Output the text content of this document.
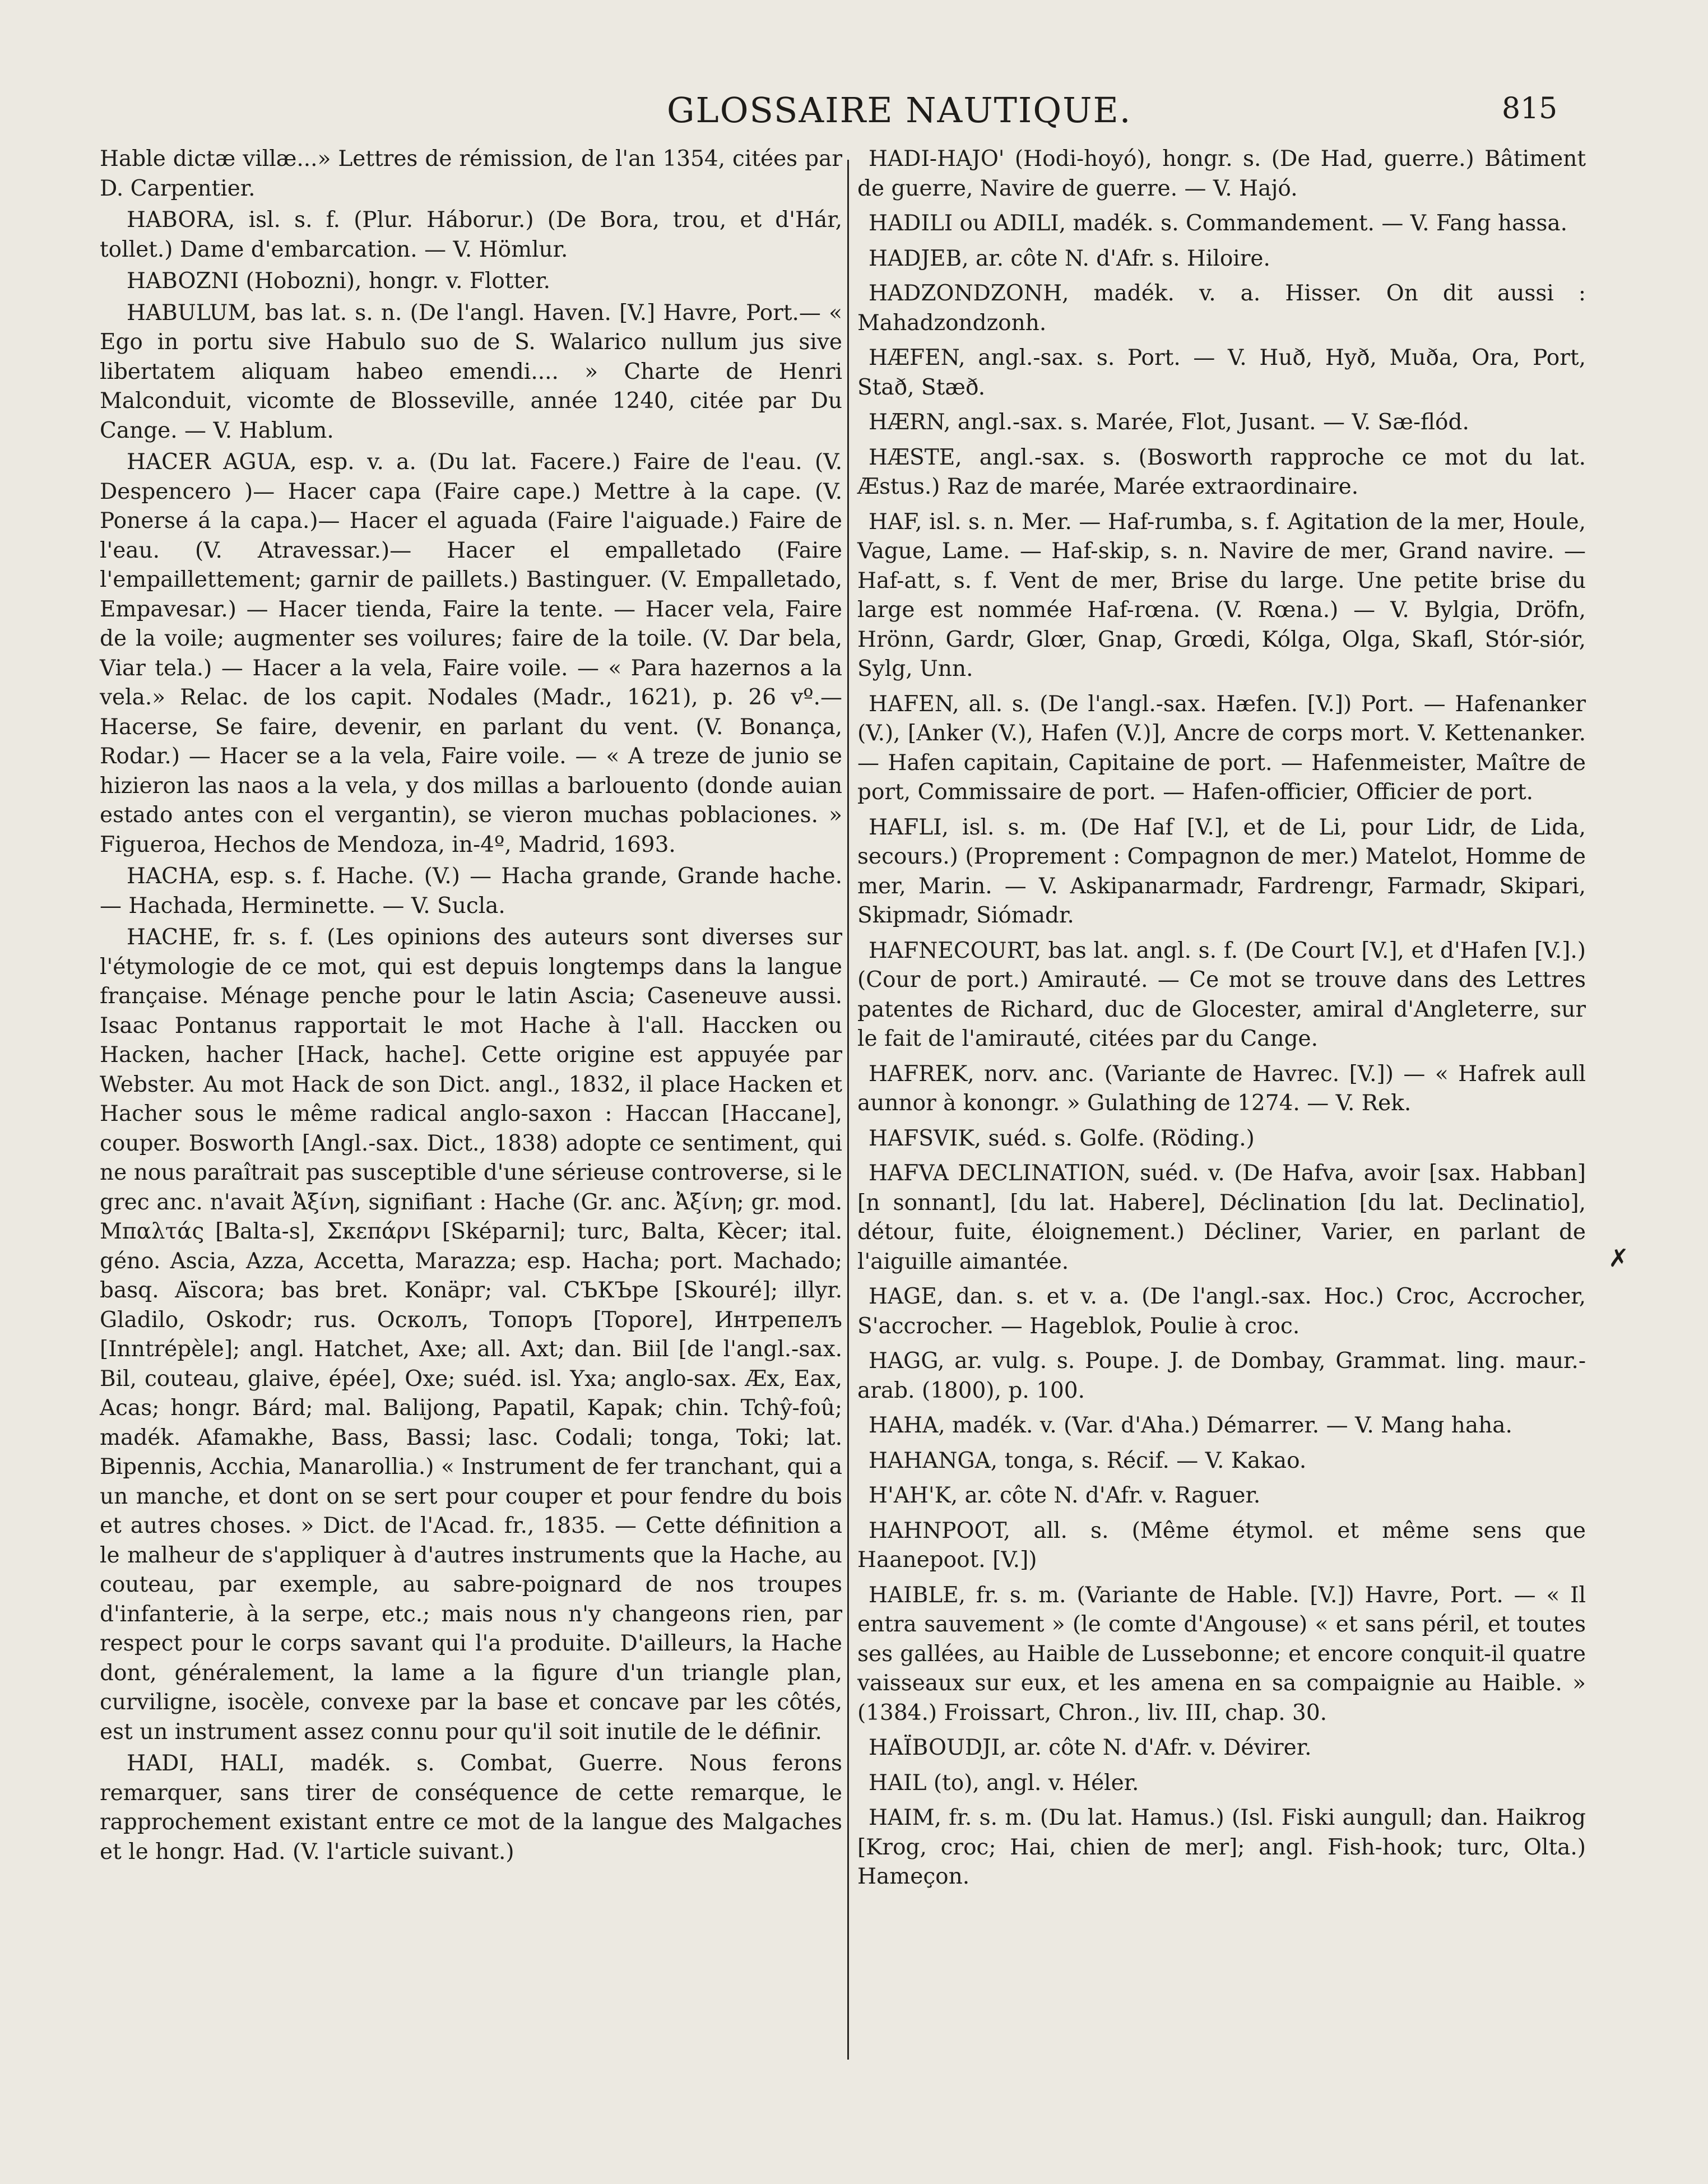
GLOSSAIRE NAUTIQUE.	815

Hable dictæ villæ...» Lettres de rémission, de l'an 1354, citées par D. Carpentier.

HABORA, isl. s. f. (Plur. Háborur.) (De Bora, trou, et d'Hár, tollet.) Dame d'embarcation. — V. Hömlur.

HABOZNI (Hobozni), hongr. v. Flotter.

HABULUM, bas lat. s. n. (De l'angl. Haven. [V.] Havre, Port.— « Ego in portu sive Habulo suo de S. Walarico nullum jus sive libertatem aliquam habeo emendi.... » Charte de Henri Malconduit, vicomte de Blosseville, année 1240, citée par Du Cange. — V. Hablum.

HACER AGUA, esp. v. a. (Du lat. Facere.) Faire de l'eau. (V. Despencero )— Hacer capa (Faire cape.) Mettre à la cape. (V. Ponerse á la capa.)— Hacer el aguada (Faire l'aiguade.) Faire de l'eau. (V. Atravessar.)— Hacer el empalletado (Faire l'empaillettement; garnir de paillets.) Bastinguer. (V. Empalletado, Empavesar.) — Hacer tienda, Faire la tente. — Hacer vela, Faire de la voile; augmenter ses voilures; faire de la toile. (V. Dar bela, Viar tela.) — Hacer a la vela, Faire voile. — « Para hazernos a la vela.» Relac. de los capit. Nodales (Madr., 1621), p. 26 vº.— Hacerse, Se faire, devenir, en parlant du vent. (V. Bonança, Rodar.) — Hacer se a la vela, Faire voile. — « A treze de junio se hizieron las naos a la vela, y dos millas a barlouento (donde auian estado antes con el vergantin), se vieron muchas poblaciones. » Figueroa, Hechos de Mendoza, in-4º, Madrid, 1693.

HACHA, esp. s. f. Hache. (V.) — Hacha grande, Grande hache. — Hachada, Herminette. — V. Sucla.

HACHE, fr. s. f. (Les opinions des auteurs sont diverses sur l'étymologie de ce mot, qui est depuis longtemps dans la langue française. Ménage penche pour le latin Ascia; Caseneuve aussi. Isaac Pontanus rapportait le mot Hache à l'all. Haccken ou Hacken, hacher [Hack, hache]. Cette origine est appuyée par Webster. Au mot Hack de son Dict. angl., 1832, il place Hacken et Hacher sous le même radical anglo-saxon : Haccan [Haccane], couper. Bosworth [Angl.-sax. Dict., 1838) adopte ce sentiment, qui ne nous paraîtrait pas susceptible d'une sérieuse controverse, si le grec anc. n'avait Ἀξίνη, signifiant : Hache (Gr. anc. Ἀξίνη; gr. mod. Μπαλτάς [Balta-s], Σκεπάρνι [Sképarni]; turc, Balta, Kècer; ital. géno. Ascia, Azza, Accetta, Marazza; esp. Hacha; port. Machado; basq. Aïscora; bas bret. Konäpr; val. СЪКЪре [Skouré]; illyr. Gladilo, Oskodr; rus. Осколъ, Топоръ [Topore], Интрепелъ [Inntrépèle]; angl. Hatchet, Axe; all. Axt; dan. Biil [de l'angl.-sax. Bil, couteau, glaive, épée], Oxe; suéd. isl. Yxa; anglo-sax. Æx, Eax, Acas; hongr. Bárd; mal. Balijong, Papatil, Kapak; chin. Tchŷ-foû; madék. Afamakhe, Bass, Bassi; lasc. Codali; tonga, Toki; lat. Bipennis, Acchia, Manarollia.) « Instrument de fer tranchant, qui a un manche, et dont on se sert pour couper et pour fendre du bois et autres choses. » Dict. de l'Acad. fr., 1835. — Cette définition a le malheur de s'appliquer à d'autres instruments que la Hache, au couteau, par exemple, au sabre-poignard de nos troupes d'infanterie, à la serpe, etc.; mais nous n'y changeons rien, par respect pour le corps savant qui l'a produite. D'ailleurs, la Hache dont, généralement, la lame a la figure d'un triangle plan, curviligne, isocèle, convexe par la base et concave par les côtés, est un instrument assez connu pour qu'il soit inutile de le définir.

HADI, HALI, madék. s. Combat, Guerre. Nous ferons remarquer, sans tirer de conséquence de cette remarque, le rapprochement existant entre ce mot de la langue des Malgaches et le hongr. Had. (V. l'article suivant.)

HADI-HAJO' (Hodi-hoyó), hongr. s. (De Had, guerre.) Bâtiment de guerre, Navire de guerre. — V. Hajó.

HADILI ou ADILI, madék. s. Commandement. — V. Fang hassa.

HADJEB, ar. côte N. d'Afr. s. Hiloire.

HADZONDZONH, madék. v. a. Hisser. On dit aussi : Mahadzondzonh.

HÆFEN, angl.-sax. s. Port. — V. Huð, Hyð, Muða, Ora, Port, Stað, Stæð.

HÆRN, angl.-sax. s. Marée, Flot, Jusant. — V. Sæ-flód.

HÆSTE, angl.-sax. s. (Bosworth rapproche ce mot du lat. Æstus.) Raz de marée, Marée extraordinaire.

HAF, isl. s. n. Mer. — Haf-rumba, s. f. Agitation de la mer, Houle, Vague, Lame. — Haf-skip, s. n. Navire de mer, Grand navire. — Haf-att, s. f. Vent de mer, Brise du large. Une petite brise du large est nommée Haf-rœna. (V. Rœna.) — V. Bylgia, Dröfn, Hrönn, Gardr, Glœr, Gnap, Grœdi, Kólga, Olga, Skafl, Stór-siór, Sylg, Unn.

HAFEN, all. s. (De l'angl.-sax. Hæfen. [V.]) Port. — Hafenanker (V.), [Anker (V.), Hafen (V.)], Ancre de corps mort. V. Kettenanker. — Hafen capitain, Capitaine de port. — Hafenmeister, Maître de port, Commissaire de port. — Hafen-officier, Officier de port.

HAFLI, isl. s. m. (De Haf [V.], et de Li, pour Lidr, de Lida, secours.) (Proprement : Compagnon de mer.) Matelot, Homme de mer, Marin. — V. Askipanarmadr, Fardrengr, Farmadr, Skipari, Skipmadr, Siómadr.

HAFNECOURT, bas lat. angl. s. f. (De Court [V.], et d'Hafen [V.].) (Cour de port.) Amirauté. — Ce mot se trouve dans des Lettres patentes de Richard, duc de Glocester, amiral d'Angleterre, sur le fait de l'amirauté, citées par du Cange.

HAFREK, norv. anc. (Variante de Havrec. [V.]) — « Hafrek aull aunnor à konongr. » Gulathing de 1274. — V. Rek.

HAFSVIK, suéd. s. Golfe. (Röding.)

HAFVA DECLINATION, suéd. v. (De Hafva, avoir [sax. Habban] [n sonnant], [du lat. Habere], Déclination [du lat. Declinatio], détour, fuite, éloignement.) Décliner, Varier, en parlant de l'aiguille aimantée.

HAGE, dan. s. et v. a. (De l'angl.-sax. Hoc.) Croc, Accrocher, S'accrocher. — Hageblok, Poulie à croc.

HAGG, ar. vulg. s. Poupe. J. de Dombay, Grammat. ling. maur.-arab. (1800), p. 100.

HAHA, madék. v. (Var. d'Aha.) Démarrer. — V. Mang haha.

HAHANGA, tonga, s. Récif. — V. Kakao.

H'AH'K, ar. côte N. d'Afr. v. Raguer.

HAHNPOOT, all. s. (Même étymol. et même sens que Haanepoot. [V.])

HAIBLE, fr. s. m. (Variante de Hable. [V.]) Havre, Port. — « Il entra sauvement » (le comte d'Angouse) « et sans péril, et toutes ses gallées, au Haible de Lussebonne; et encore conquit-il quatre vaisseaux sur eux, et les amena en sa compaignie au Haible. » (1384.) Froissart, Chron., liv. III, chap. 30.

HAÏBOUDJI, ar. côte N. d'Afr. v. Dévirer.

HAIL (to), angl. v. Héler.

HAIM, fr. s. m. (Du lat. Hamus.) (Isl. Fiski aungull; dan. Haikrog [Krog, croc; Hai, chien de mer]; angl. Fish-hook; turc, Olta.) Hameçon.

✗
